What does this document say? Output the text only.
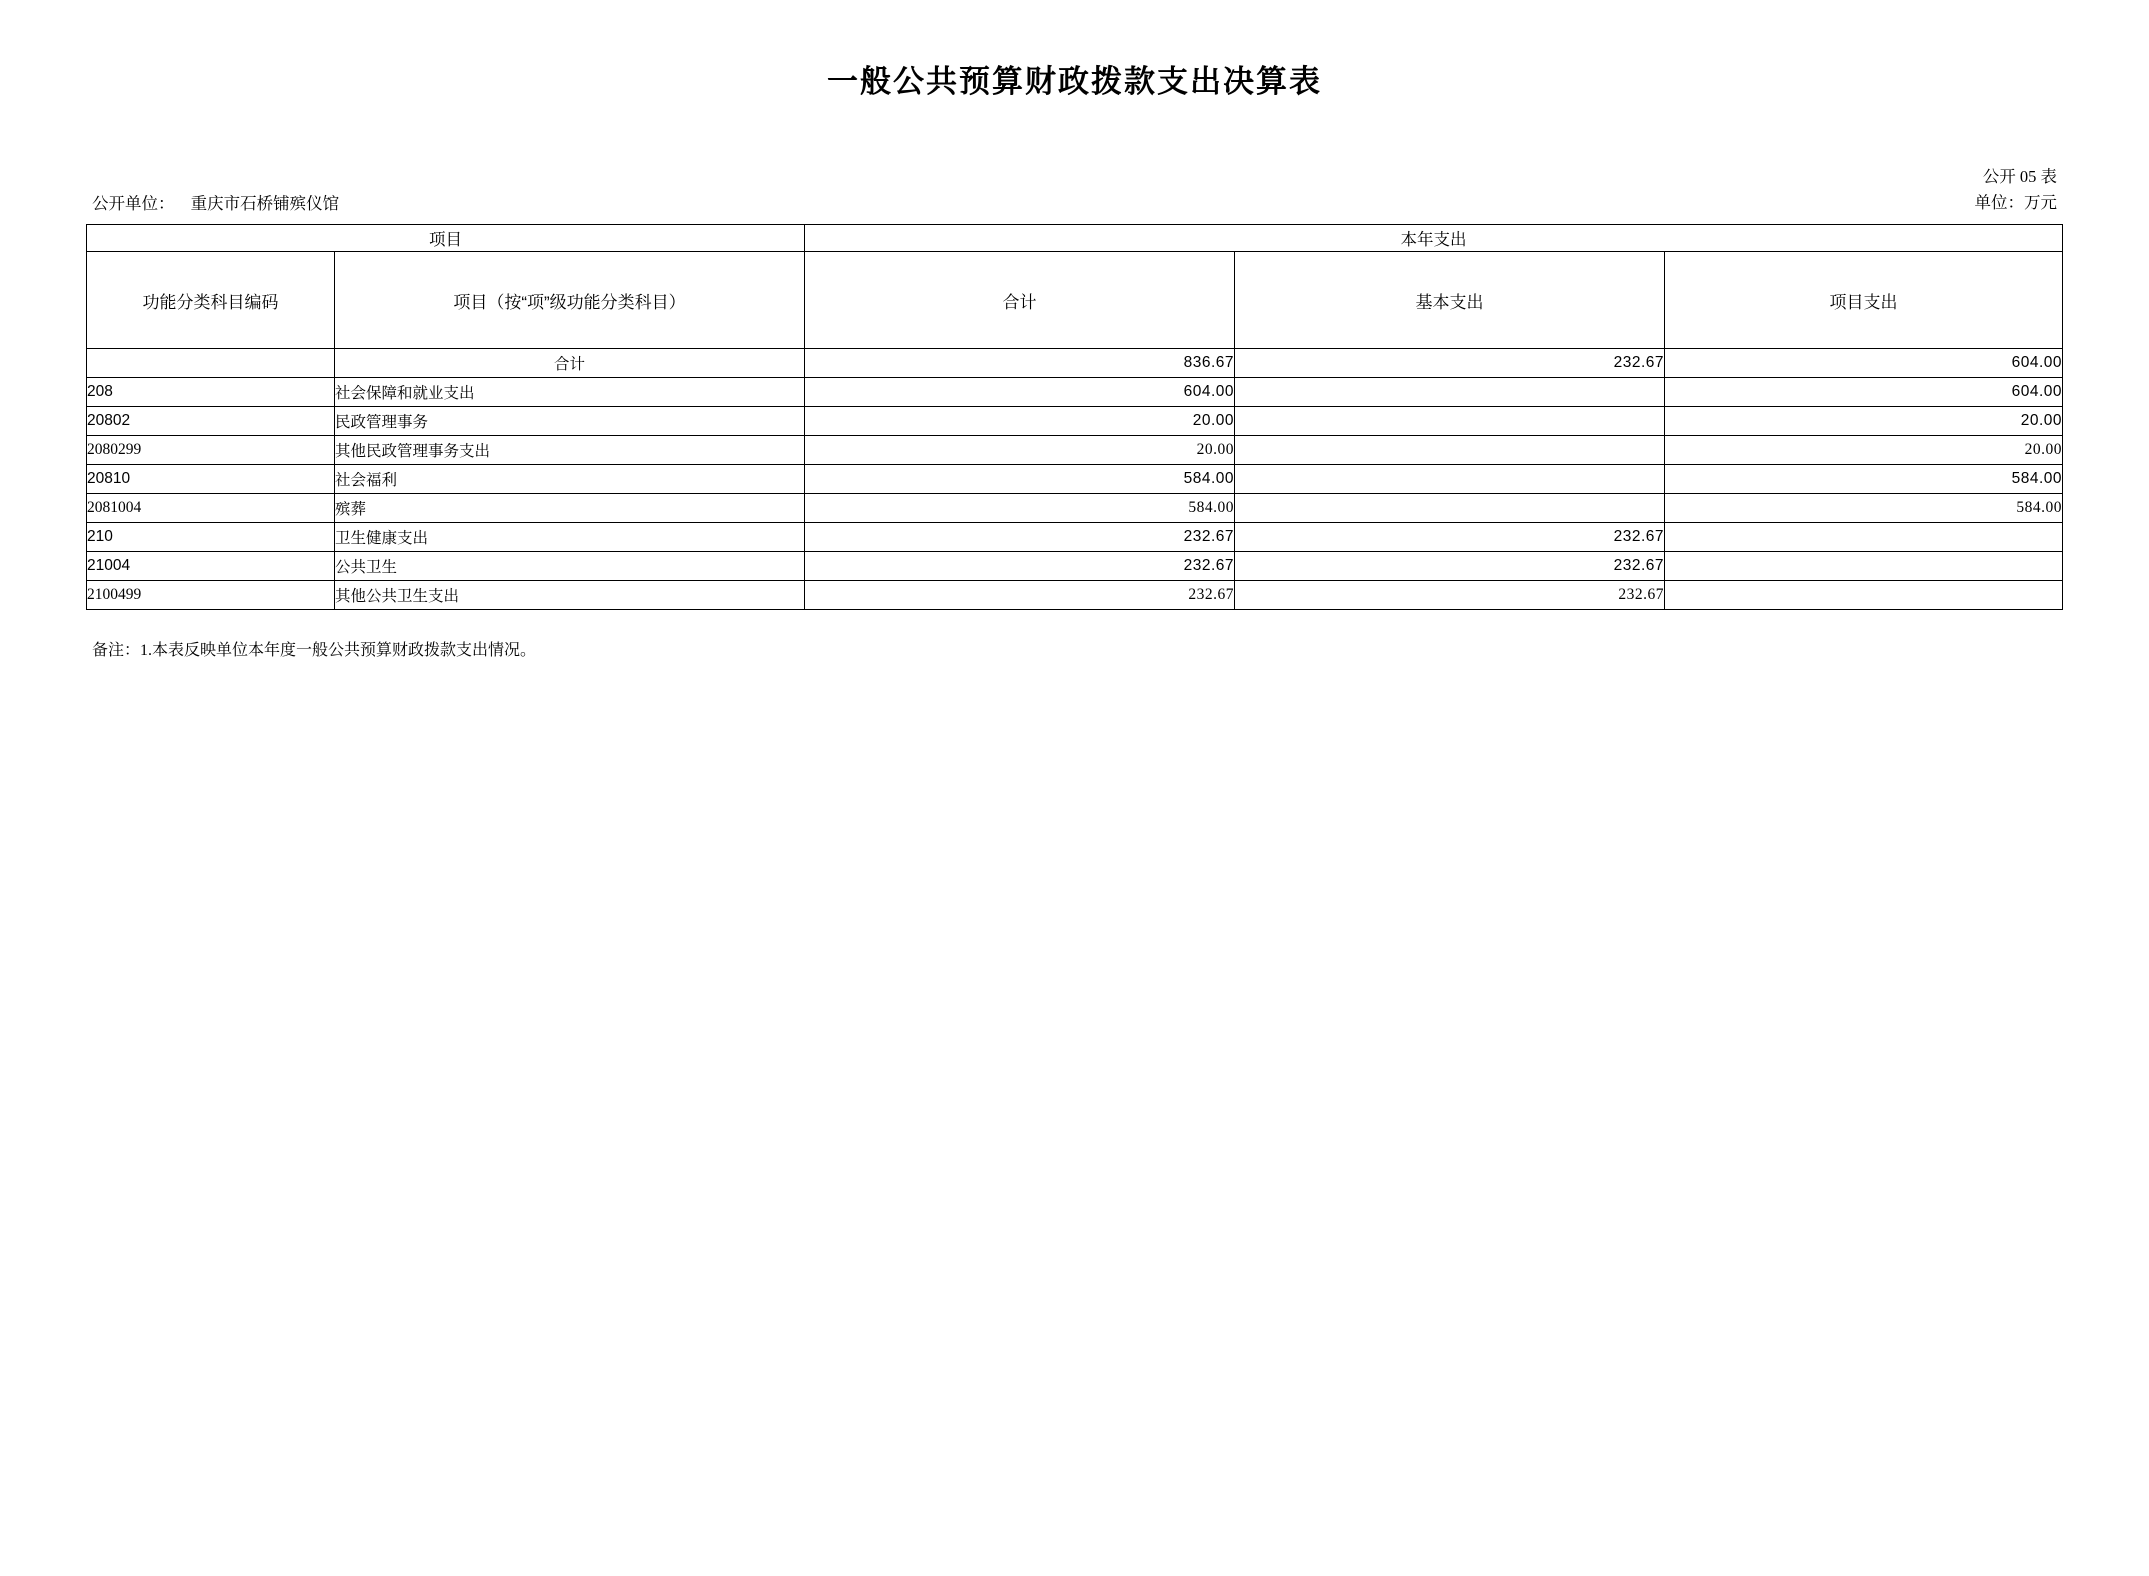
一般公共预算财政拨款支出决算表
公开 05 表
单位：万元
公开单位： 重庆市石桥铺殡仪馆
项目		本年支出		
功能分类科目编码	项目（按“项”级功能分类科目）	合计	基本支出	项目支出
	合计	836.67	232.67	604.00
208	社会保障和就业支出	604.00		604.00
20802	民政管理事务	20.00		20.00
2080299	其他民政管理事务支出	20.00		20.00
20810	社会福利	584.00		584.00
2081004	殡葬	584.00		584.00
210	卫生健康支出	232.67	232.67	
21004	公共卫生	232.67	232.67	
2100499	其他公共卫生支出	232.67	232.67	
备注：1.本表反映单位本年度一般公共预算财政拨款支出情况。
